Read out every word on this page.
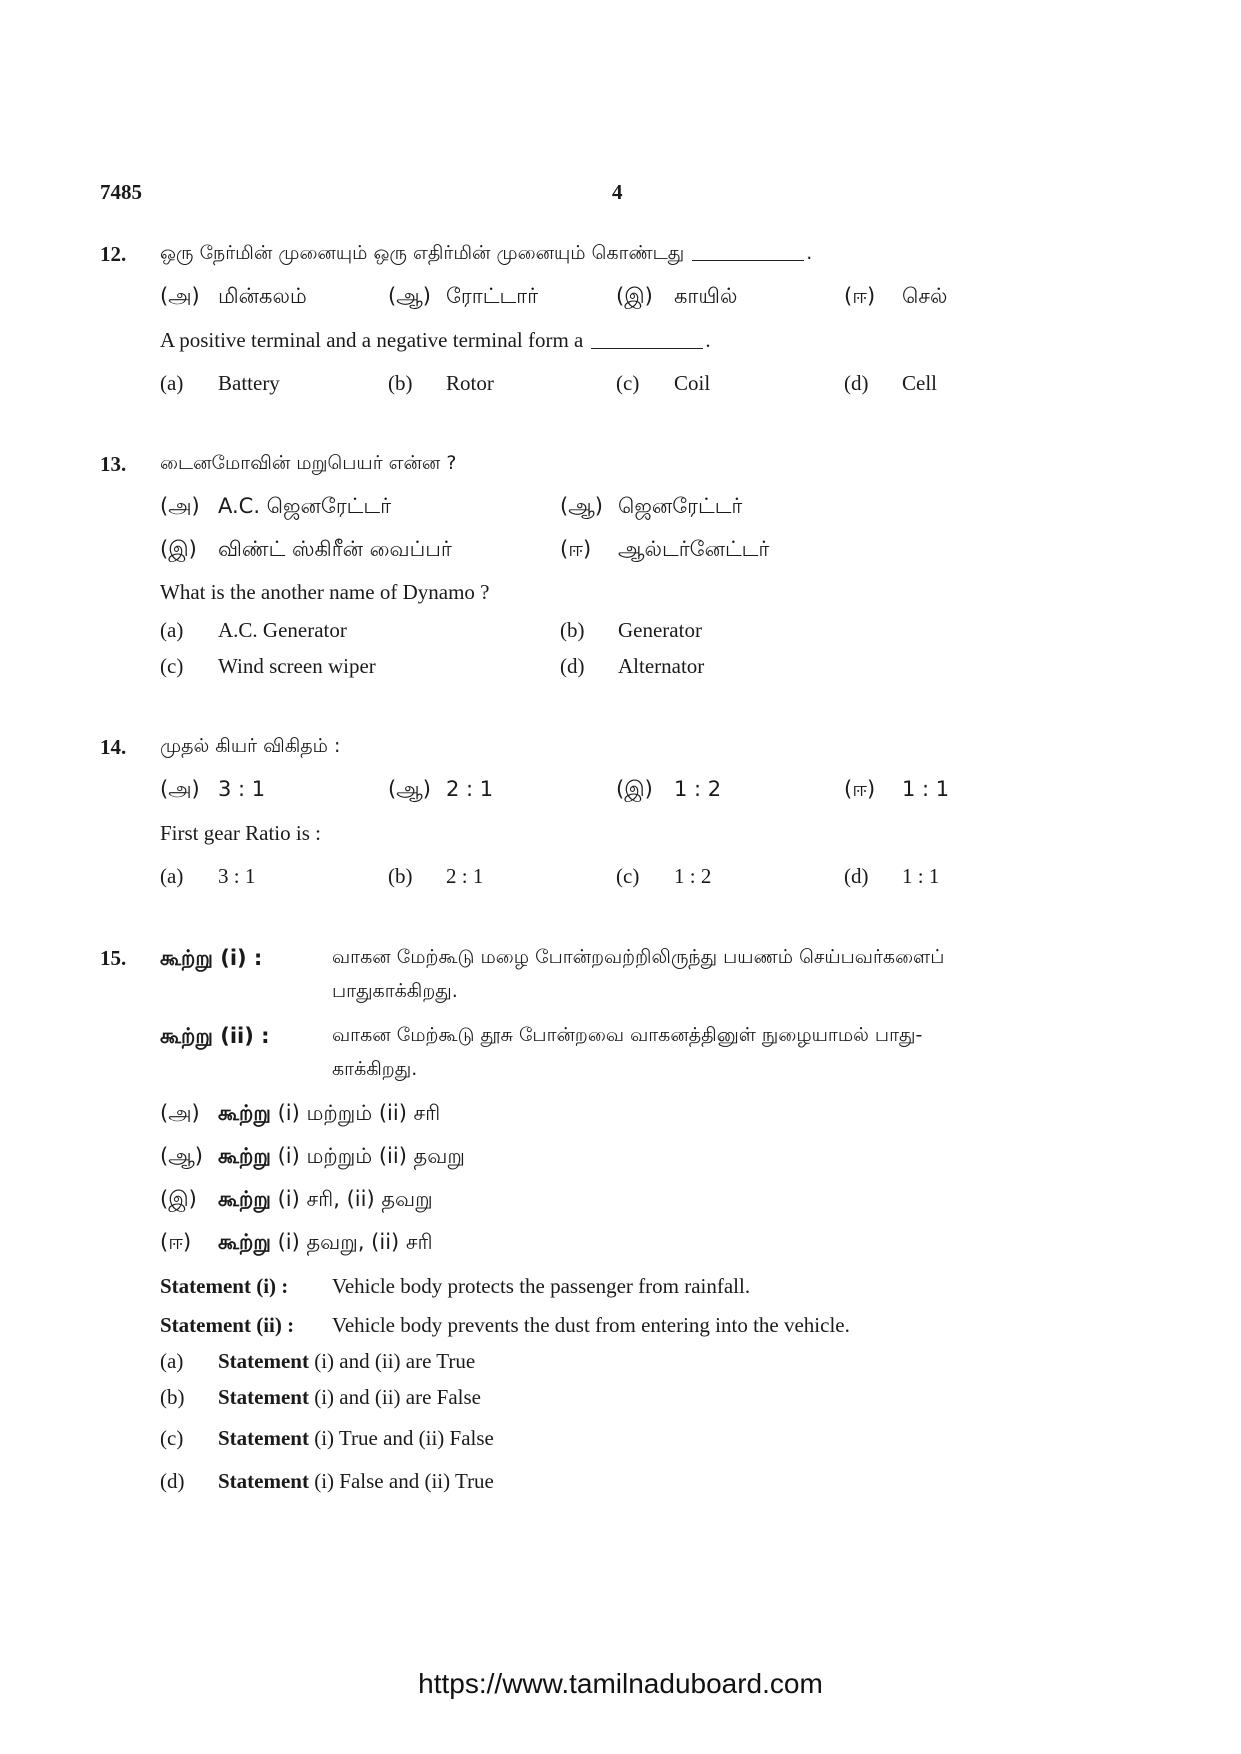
7485	4
12. ஒரு நேர்மின் முனையும் ஒரு எதிர்மின் முனையும் கொண்டது	.
(அ) மின்கலம்	(ஆ) ரோட்டார்	(இ) காயில்	(ஈ) செல்
A positive terminal and a negative terminal form a	.
(a) Battery	(b) Rotor	(c) Coil	(d) Cell
13. டைனமோவின் மறுபெயர் என்ன ?
(அ) A.C. ஜெனரேட்டர்	(ஆ) ஜெனரேட்டர்
(இ) விண்ட் ஸ்கிரீன் வைப்பர்	(ஈ) ஆல்டர்னேட்டர்
What is the another name of Dynamo ?
(a) A.C. Generator	(b) Generator
(c) Wind screen wiper	(d) Alternator
14. முதல் கியர் விகிதம் :
(அ) 3 : 1	(ஆ) 2 : 1	(இ) 1 : 2	(ஈ) 1 : 1
First gear Ratio is :
(a) 3 : 1	(b) 2 : 1	(c) 1 : 2	(d) 1 : 1
15. கூற்று (i) :	வாகன மேற்கூடு மழை போன்றவற்றிலிருந்து பயணம் செய்பவர்களைப்
பாதுகாக்கிறது.
கூற்று (ii) :	வாகன மேற்கூடு தூசு போன்றவை வாகனத்தினுள் நுழையாமல் பாது-
காக்கிறது.
(அ) கூற்று (i) மற்றும் (ii) சரி
(ஆ) கூற்று (i) மற்றும் (ii) தவறு
(இ) கூற்று (i) சரி, (ii) தவறு
(ஈ) கூற்று (i) தவறு, (ii) சரி
Statement (i) : Vehicle body protects the passenger from rainfall.
Statement (ii) : Vehicle body prevents the dust from entering into the vehicle.
(a) Statement (i) and (ii) are True
(b) Statement (i) and (ii) are False
(c) Statement (i) True and (ii) False
(d) Statement (i) False and (ii) True
https://www.tamilnaduboard.com
